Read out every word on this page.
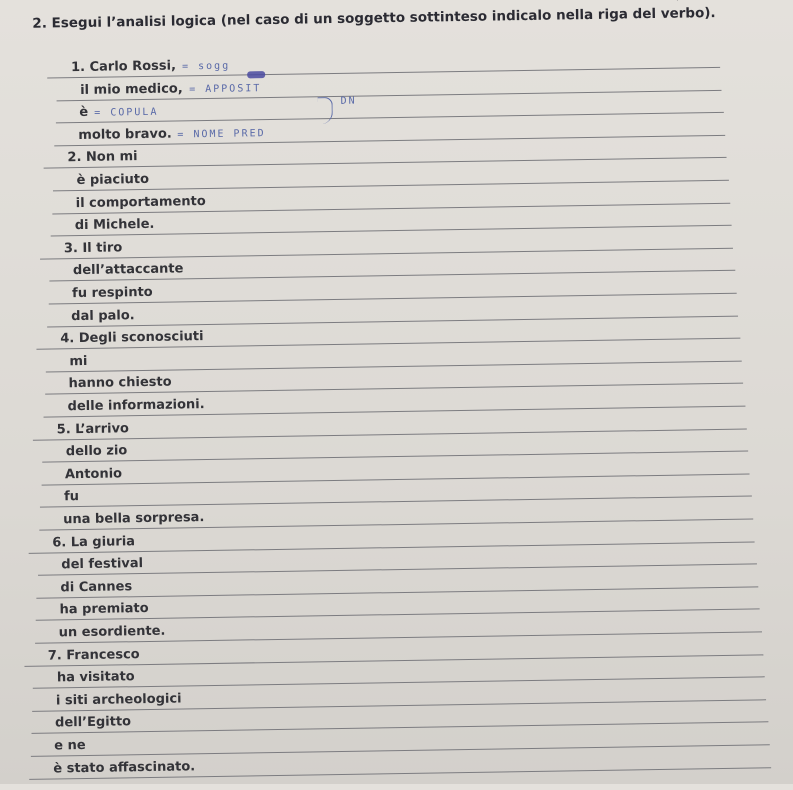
2. Esegui l’analisi logica (nel caso di un soggetto sottinteso indicalo nella riga del verbo).
1. Carlo Rossi, = sogg
il mio medico, = APPOSIT
è = COPULA
molto bravo. = NOME PRED
2. Non mi
è piaciuto
il comportamento
di Michele.
3. Il tiro
dell’attaccante
fu respinto
dal palo.
4. Degli sconosciuti
mi
hanno chiesto
delle informazioni.
5. L’arrivo
dello zio
Antonio
fu
una bella sorpresa.
6. La giuria
del festival
di Cannes
ha premiato
un esordiente.
7. Francesco
ha visitato
i siti archeologici
dell’Egitto
e ne
è stato affascinato.
DN
